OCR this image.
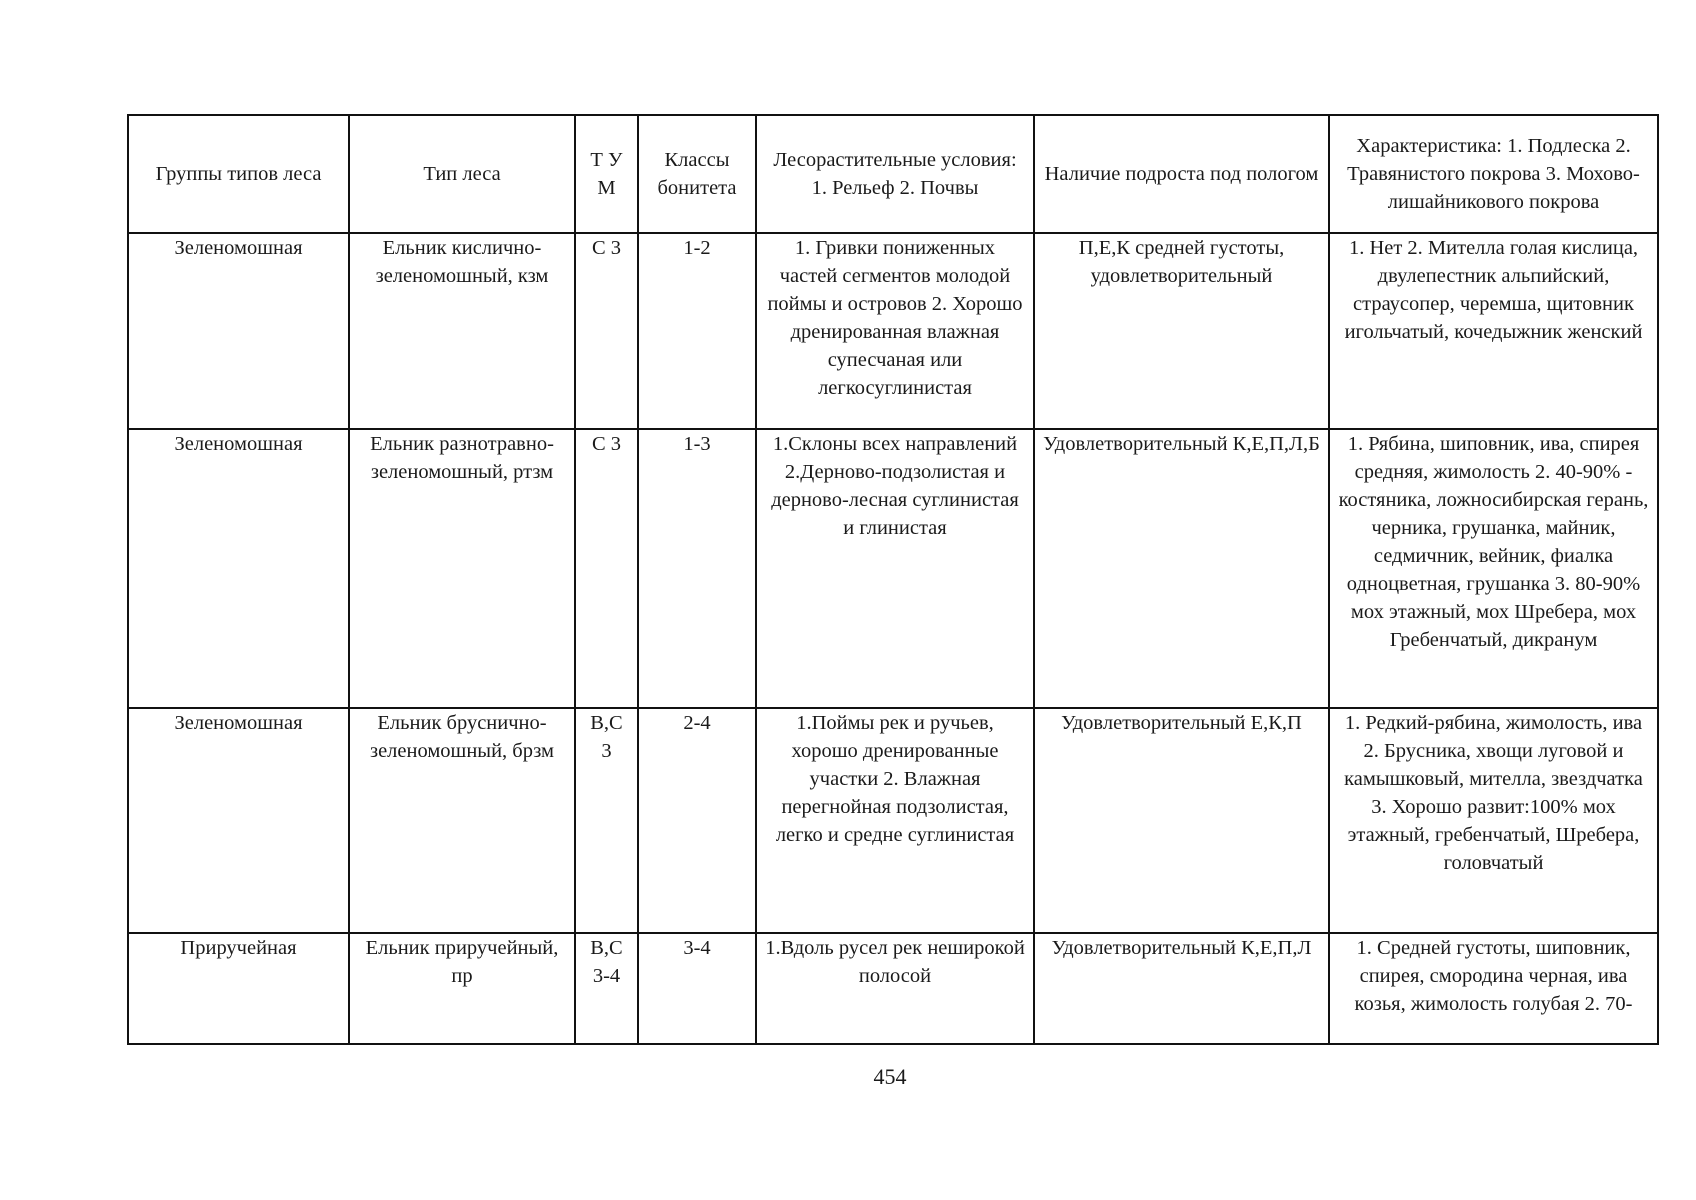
Группы типов леса	Тип леса	Т У М	Классы бонитета	Лесорастительные условия: 1. Рельеф 2. Почвы	Наличие подроста под пологом	Характеристика: 1. Подлеска 2. Травянистого покрова 3. Мохово-лишайникового покрова
Зеленомошная	Ельник кислично-зеленомошный, кзм	С 3	1-2	1. Гривки пониженных частей сегментов молодой поймы и островов 2. Хорошо дренированная влажная супесчаная или легкосуглинистая	П,Е,К средней густоты, удовлетворительный	1. Нет 2. Мителла голая кислица, двулепестник альпийский, страусопер, черемша, щитовник игольчатый, кочедыжник женский
Зеленомошная	Ельник разнотравно-зеленомошный, ртзм	С 3	1-3	1.Склоны всех направлений 2.Дерново-подзолистая и дерново-лесная суглинистая и глинистая	Удовлетворительный К,Е,П,Л,Б	1. Рябина, шиповник, ива, спирея средняя, жимолость 2. 40-90% - костяника, ложносибирская герань, черника, грушанка, майник, седмичник, вейник, фиалка одноцветная, грушанка 3. 80-90% мох этажный, мох Шребера, мох Гребенчатый, дикранум
Зеленомошная	Ельник бруснично-зеленомошный, брзм	В,С 3	2-4	1.Поймы рек и ручьев, хорошо дренированные участки 2. Влажная перегнойная подзолистая, легко и средне суглинистая	Удовлетворительный Е,К,П	1. Редкий-рябина, жимолость, ива 2. Брусника, хвощи луговой и камышковый, мителла, звездчатка 3. Хорошо развит:100% мох этажный, гребенчатый, Шребера, головчатый
Приручейная	Ельник приручейный, пр	В,С 3-4	3-4	1.Вдоль русел рек неширокой полосой	Удовлетворительный К,Е,П,Л	1. Средней густоты, шиповник, спирея, смородина черная, ива козья, жимолость голубая 2. 70-
454
